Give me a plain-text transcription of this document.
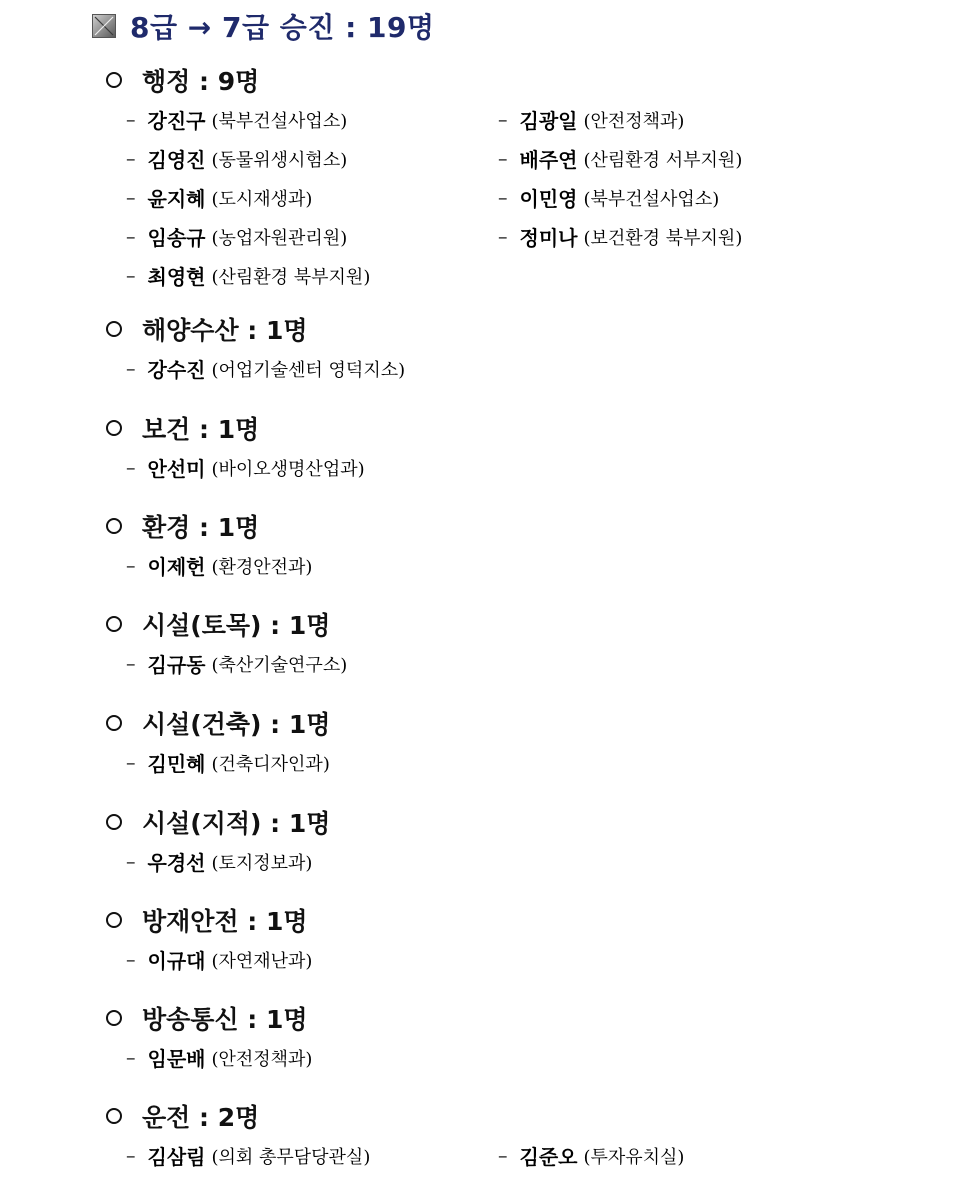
8급 → 7급 승진 : 19명
행정 : 9명
– 강진구 (북부건설사업소)	– 김광일 (안전정책과)
– 김영진 (동물위생시험소)	– 배주연 (산림환경 서부지원)
– 윤지혜 (도시재생과)	– 이민영 (북부건설사업소)
– 임송규 (농업자원관리원)	– 정미나 (보건환경 북부지원)
– 최영현 (산림환경 북부지원)
해양수산 : 1명
– 강수진 (어업기술센터 영덕지소)
보건 : 1명
– 안선미 (바이오생명산업과)
환경 : 1명
– 이제헌 (환경안전과)
시설(토목) : 1명
– 김규동 (축산기술연구소)
시설(건축) : 1명
– 김민혜 (건축디자인과)
시설(지적) : 1명
– 우경선 (토지정보과)
방재안전 : 1명
– 이규대 (자연재난과)
방송통신 : 1명
– 임문배 (안전정책과)
운전 : 2명
– 김삼림 (의회 총무담당관실)	– 김준오 (투자유치실)
